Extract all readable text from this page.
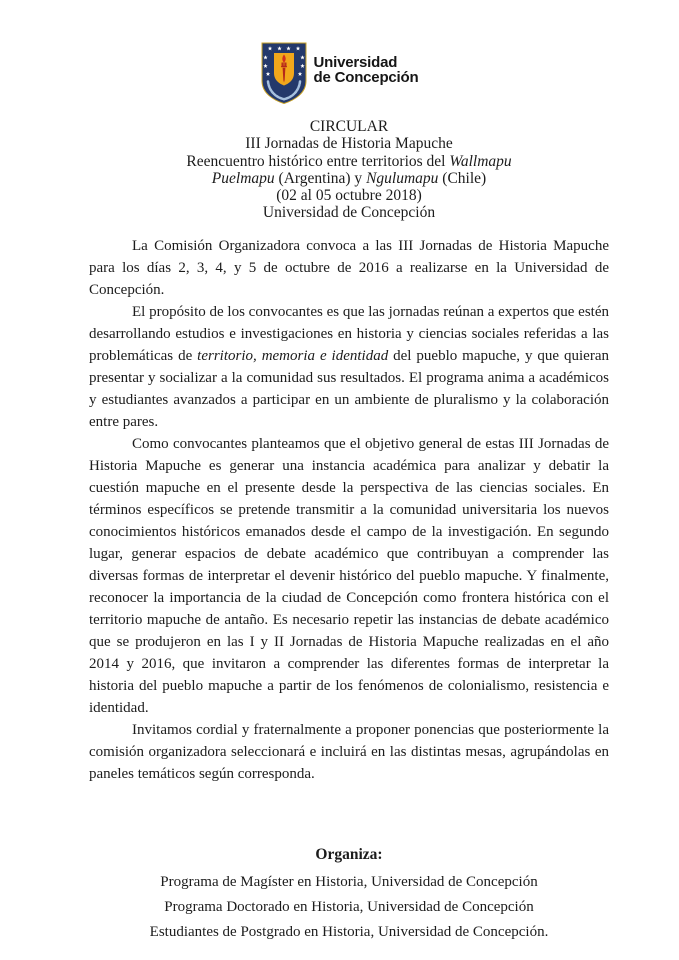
Universidad
de Concepción
CIRCULAR
III Jornadas de Historia Mapuche
Reencuentro histórico entre territorios del Wallmapu
Puelmapu (Argentina) y Ngulumapu (Chile)
(02 al 05 octubre 2018)
Universidad de Concepción

La Comisión Organizadora convoca a las III Jornadas de Historia Mapuche para los días 2, 3, 4, y 5 de octubre de 2016 a realizarse en la Universidad de Concepción.

El propósito de los convocantes es que las jornadas reúnan a expertos que estén desarrollando estudios e investigaciones en historia y ciencias sociales referidas a las problemáticas de territorio, memoria e identidad del pueblo mapuche, y que quieran presentar y socializar a la comunidad sus resultados. El programa anima a académicos y estudiantes avanzados a participar en un ambiente de pluralismo y la colaboración entre pares.

Como convocantes planteamos que el objetivo general de estas III Jornadas de Historia Mapuche es generar una instancia académica para analizar y debatir la cuestión mapuche en el presente desde la perspectiva de las ciencias sociales. En términos específicos se pretende transmitir a la comunidad universitaria los nuevos conocimientos históricos emanados desde el campo de la investigación. En segundo lugar, generar espacios de debate académico que contribuyan a comprender las diversas formas de interpretar el devenir histórico del pueblo mapuche. Y finalmente, reconocer la importancia de la ciudad de Concepción como frontera histórica con el territorio mapuche de antaño. Es necesario repetir las instancias de debate académico que se produjeron en las I y II Jornadas de Historia Mapuche realizadas en el año 2014 y 2016, que invitaron a comprender las diferentes formas de interpretar la historia del pueblo mapuche a partir de los fenómenos de colonialismo, resistencia e identidad.

Invitamos cordial y fraternalmente a proponer ponencias que posteriormente la comisión organizadora seleccionará e incluirá en las distintas mesas, agrupándolas en paneles temáticos según corresponda.

Organiza:
Programa de Magíster en Historia, Universidad de Concepción
Programa Doctorado en Historia, Universidad de Concepción
Estudiantes de Postgrado en Historia, Universidad de Concepción.
